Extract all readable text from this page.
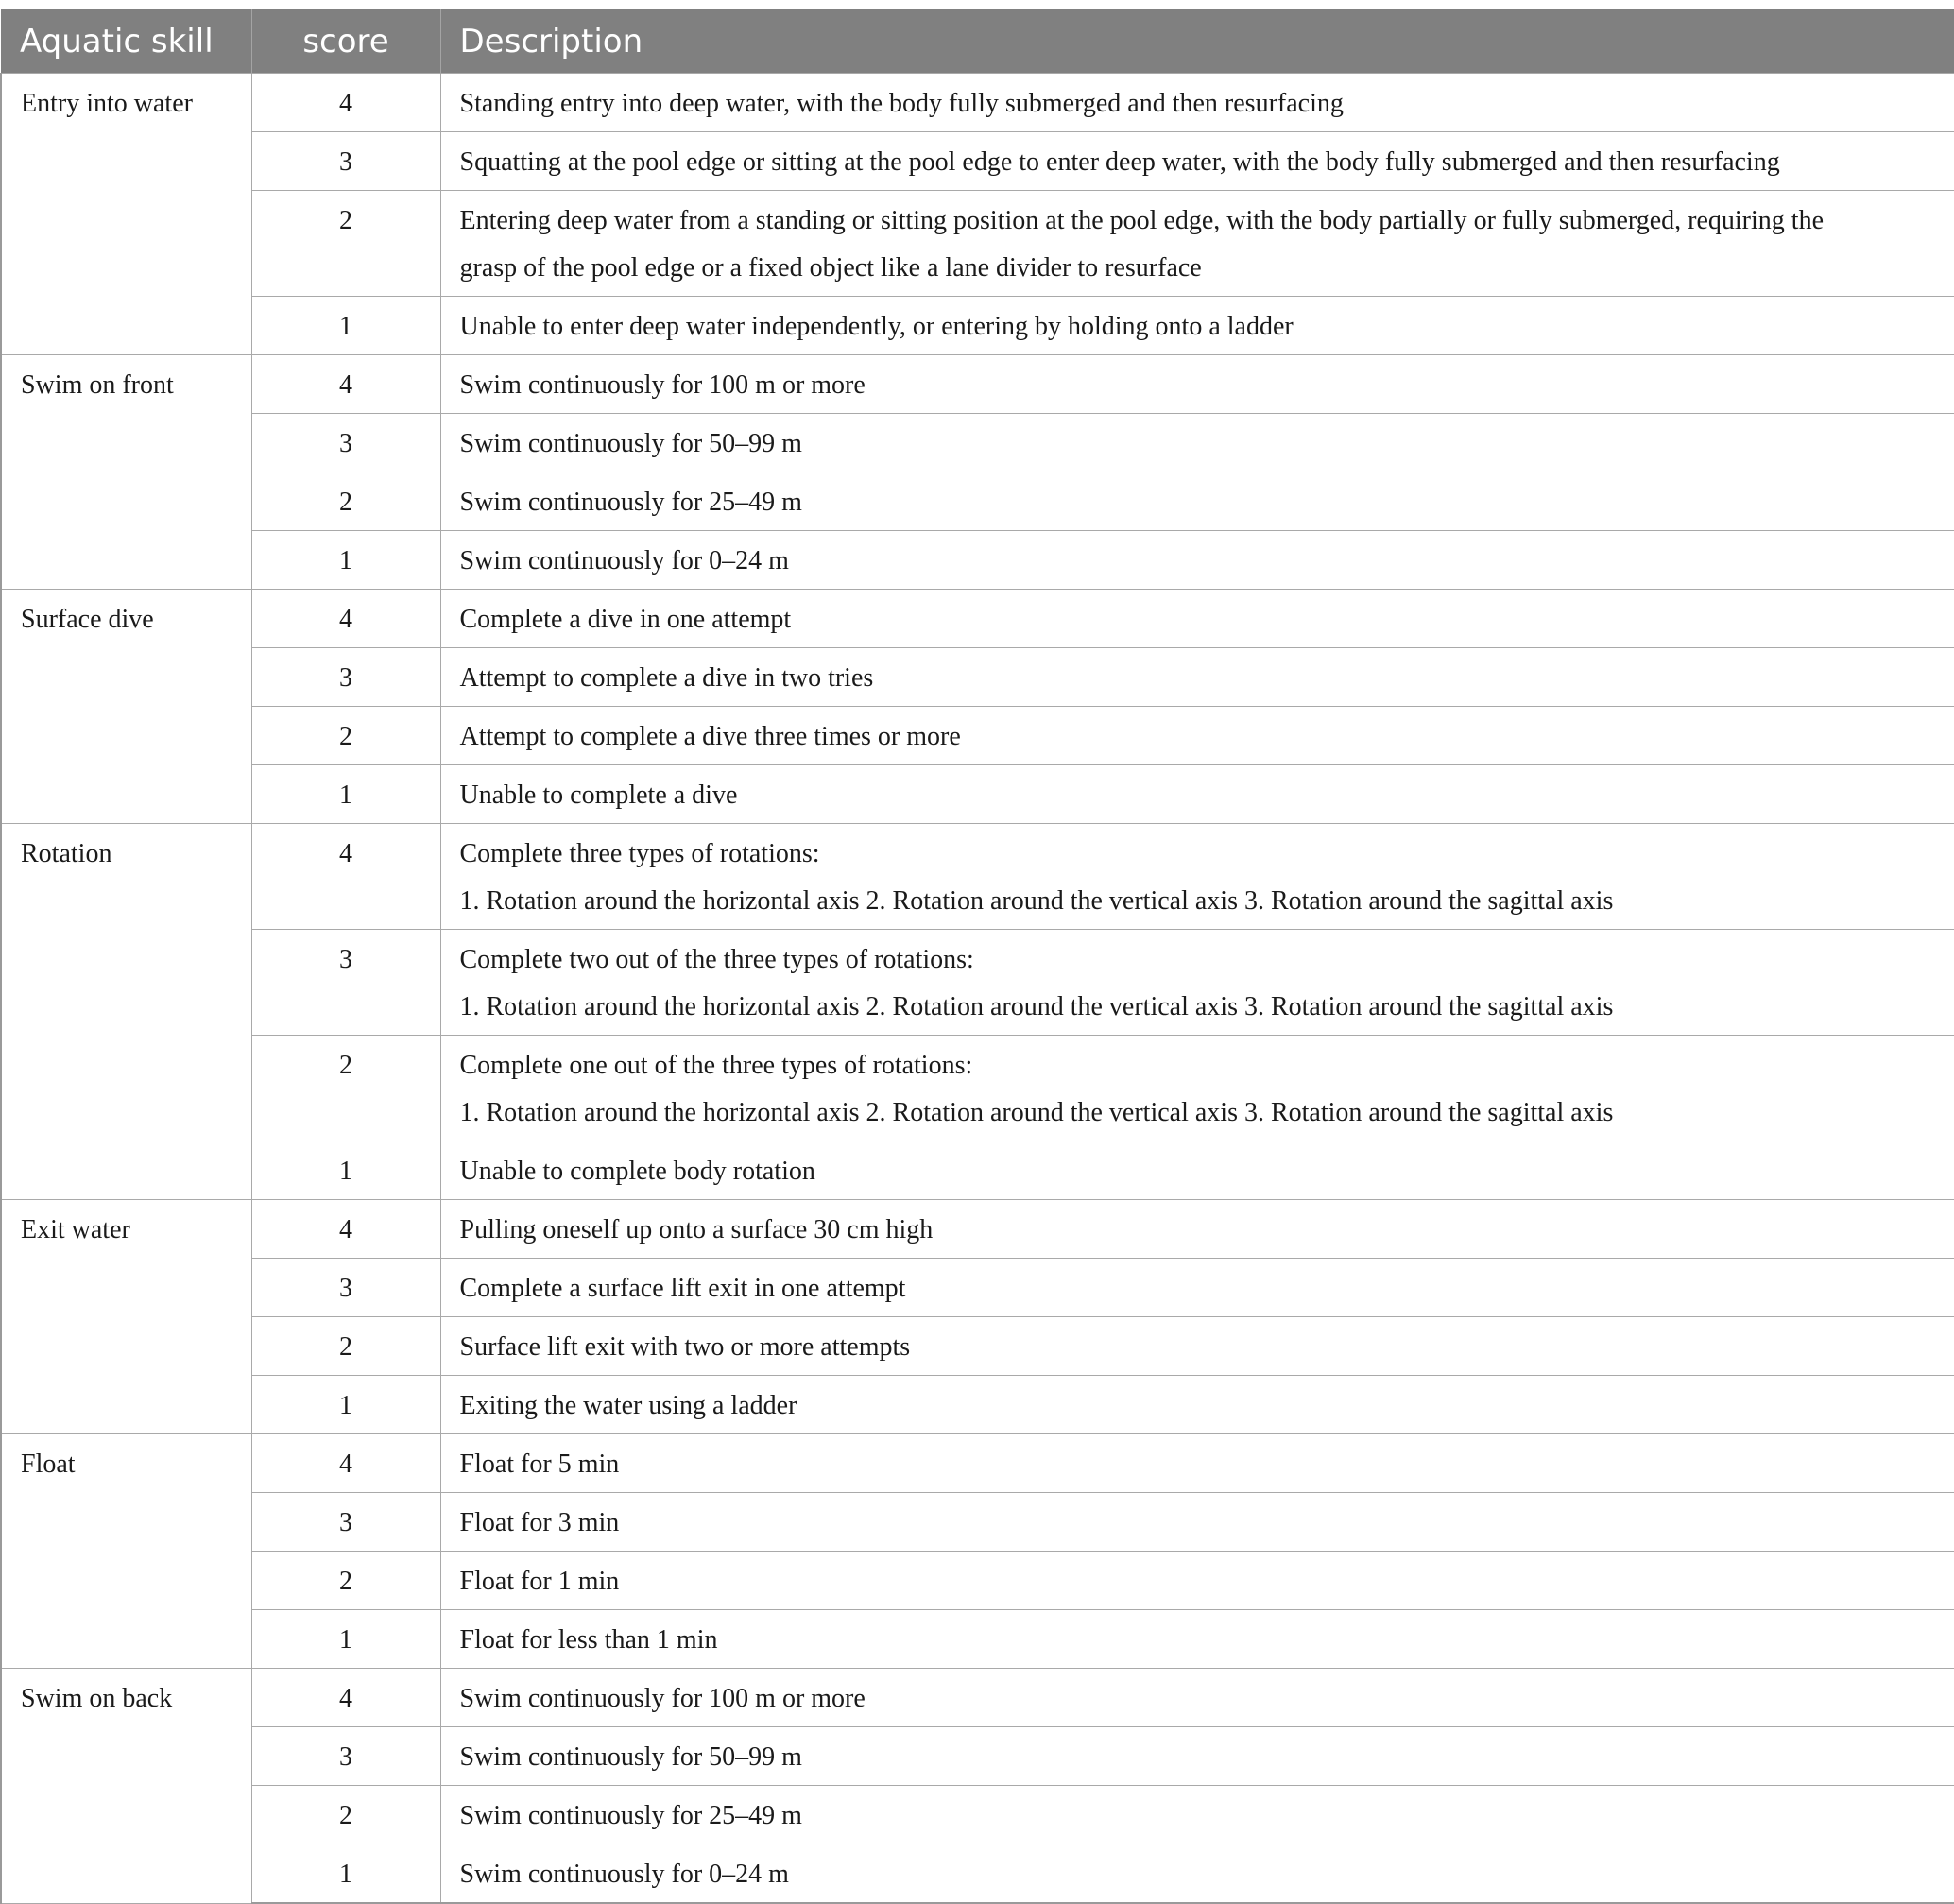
Aquatic skill	score	Description
Entry into water	4	Standing entry into deep water, with the body fully submerged and then resurfacing

	3	Squatting at the pool edge or sitting at the pool edge to enter deep water, with the body fully submerged and then resurfacing

	2	Entering deep water from a standing or sitting position at the pool edge, with the body partially or fully submerged, requiring the
grasp of the pool edge or a fixed object like a lane divider to resurface

	1	Unable to enter deep water independently, or entering by holding onto a ladder

Swim on front	4	Swim continuously for 100 m or more

	3	Swim continuously for 50–99 m

	2	Swim continuously for 25–49 m

	1	Swim continuously for 0–24 m

Surface dive	4	Complete a dive in one attempt

	3	Attempt to complete a dive in two tries

	2	Attempt to complete a dive three times or more

	1	Unable to complete a dive

Rotation	4	Complete three types of rotations:
1. Rotation around the horizontal axis 2. Rotation around the vertical axis 3. Rotation around the sagittal axis

	3	Complete two out of the three types of rotations:
1. Rotation around the horizontal axis 2. Rotation around the vertical axis 3. Rotation around the sagittal axis

	2	Complete one out of the three types of rotations:
1. Rotation around the horizontal axis 2. Rotation around the vertical axis 3. Rotation around the sagittal axis

	1	Unable to complete body rotation

Exit water	4	Pulling oneself up onto a surface 30 cm high

	3	Complete a surface lift exit in one attempt

	2	Surface lift exit with two or more attempts

	1	Exiting the water using a ladder

Float	4	Float for 5 min

	3	Float for 3 min

	2	Float for 1 min

	1	Float for less than 1 min

Swim on back	4	Swim continuously for 100 m or more

	3	Swim continuously for 50–99 m

	2	Swim continuously for 25–49 m

	1	Swim continuously for 0–24 m
